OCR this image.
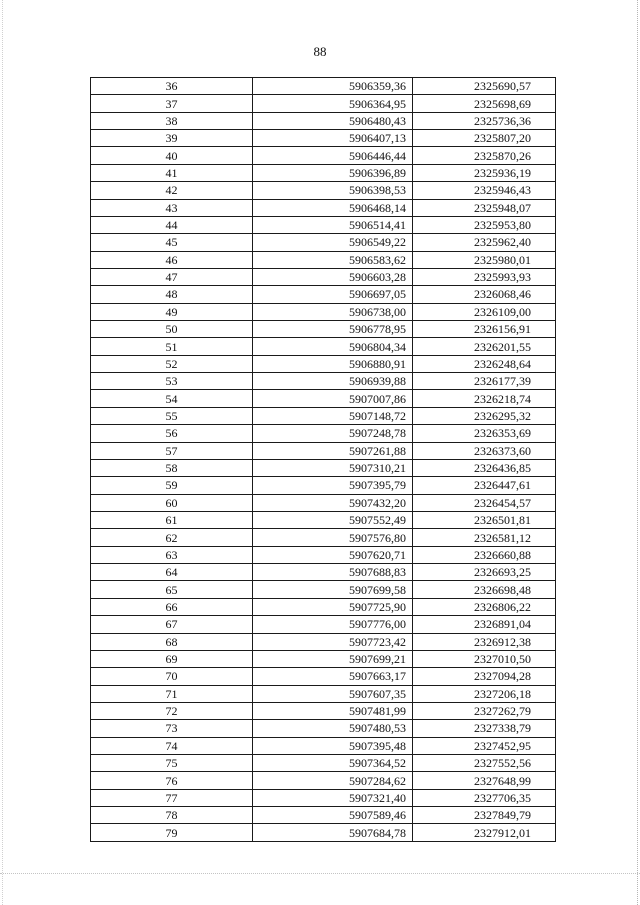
88
36	5906359,36	2325690,57
37	5906364,95	2325698,69
38	5906480,43	2325736,36
39	5906407,13	2325807,20
40	5906446,44	2325870,26
41	5906396,89	2325936,19
42	5906398,53	2325946,43
43	5906468,14	2325948,07
44	5906514,41	2325953,80
45	5906549,22	2325962,40
46	5906583,62	2325980,01
47	5906603,28	2325993,93
48	5906697,05	2326068,46
49	5906738,00	2326109,00
50	5906778,95	2326156,91
51	5906804,34	2326201,55
52	5906880,91	2326248,64
53	5906939,88	2326177,39
54	5907007,86	2326218,74
55	5907148,72	2326295,32
56	5907248,78	2326353,69
57	5907261,88	2326373,60
58	5907310,21	2326436,85
59	5907395,79	2326447,61
60	5907432,20	2326454,57
61	5907552,49	2326501,81
62	5907576,80	2326581,12
63	5907620,71	2326660,88
64	5907688,83	2326693,25
65	5907699,58	2326698,48
66	5907725,90	2326806,22
67	5907776,00	2326891,04
68	5907723,42	2326912,38
69	5907699,21	2327010,50
70	5907663,17	2327094,28
71	5907607,35	2327206,18
72	5907481,99	2327262,79
73	5907480,53	2327338,79
74	5907395,48	2327452,95
75	5907364,52	2327552,56
76	5907284,62	2327648,99
77	5907321,40	2327706,35
78	5907589,46	2327849,79
79	5907684,78	2327912,01
